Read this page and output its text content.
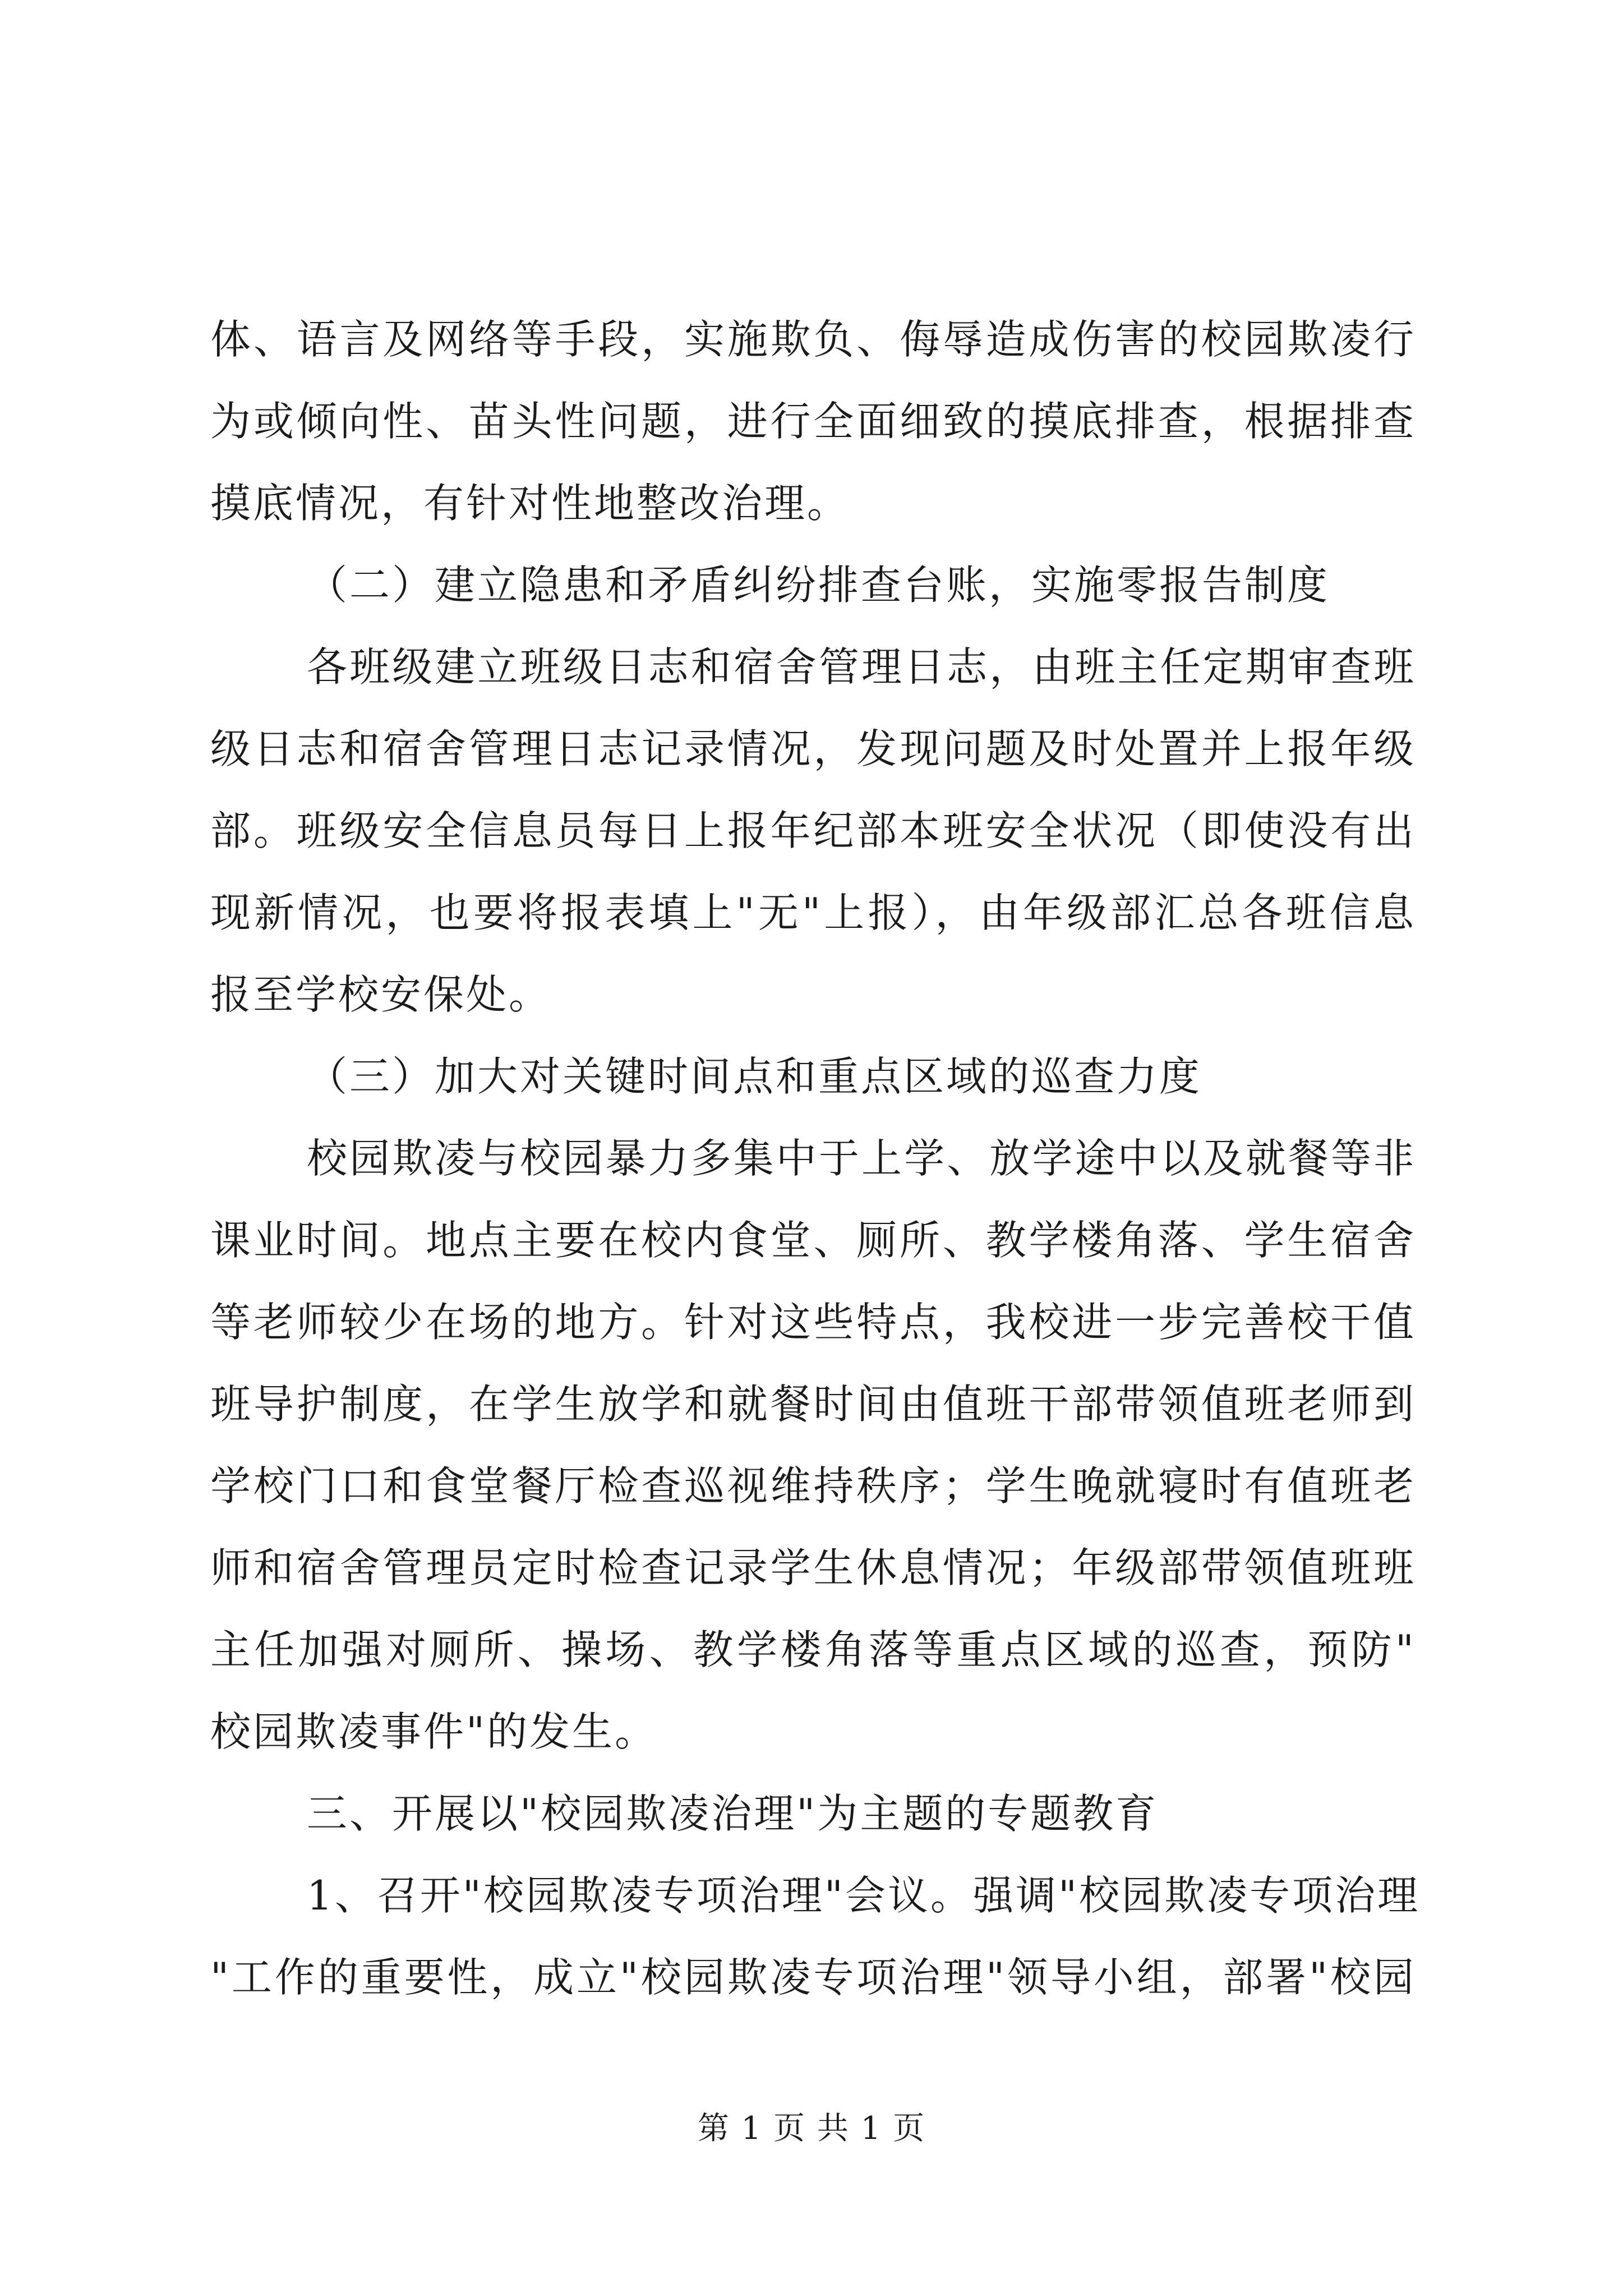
体、语言及网络等手段，实施欺负、侮辱造成伤害的校园欺凌行
为或倾向性、苗头性问题，进行全面细致的摸底排查，根据排查
摸底情况，有针对性地整改治理。
（二）建立隐患和矛盾纠纷排查台账，实施零报告制度
各班级建立班级日志和宿舍管理日志，由班主任定期审查班
级日志和宿舍管理日志记录情况，发现问题及时处置并上报年级
部。班级安全信息员每日上报年纪部本班安全状况（即使没有出
现新情况，也要将报表填上"无"上报），由年级部汇总各班信息
报至学校安保处。
（三）加大对关键时间点和重点区域的巡查力度
校园欺凌与校园暴力多集中于上学、放学途中以及就餐等非
课业时间。地点主要在校内食堂、厕所、教学楼角落、学生宿舍
等老师较少在场的地方。针对这些特点，我校进一步完善校干值
班导护制度，在学生放学和就餐时间由值班干部带领值班老师到
学校门口和食堂餐厅检查巡视维持秩序；学生晚就寝时有值班老
师和宿舍管理员定时检查记录学生休息情况；年级部带领值班班
主任加强对厕所、操场、教学楼角落等重点区域的巡查，预防"
校园欺凌事件"的发生。
三、开展以"校园欺凌治理"为主题的专题教育
1、召开"校园欺凌专项治理"会议。强调"校园欺凌专项治理
"工作的重要性，成立"校园欺凌专项治理"领导小组，部署"校园
第 1 页 共 1 页
